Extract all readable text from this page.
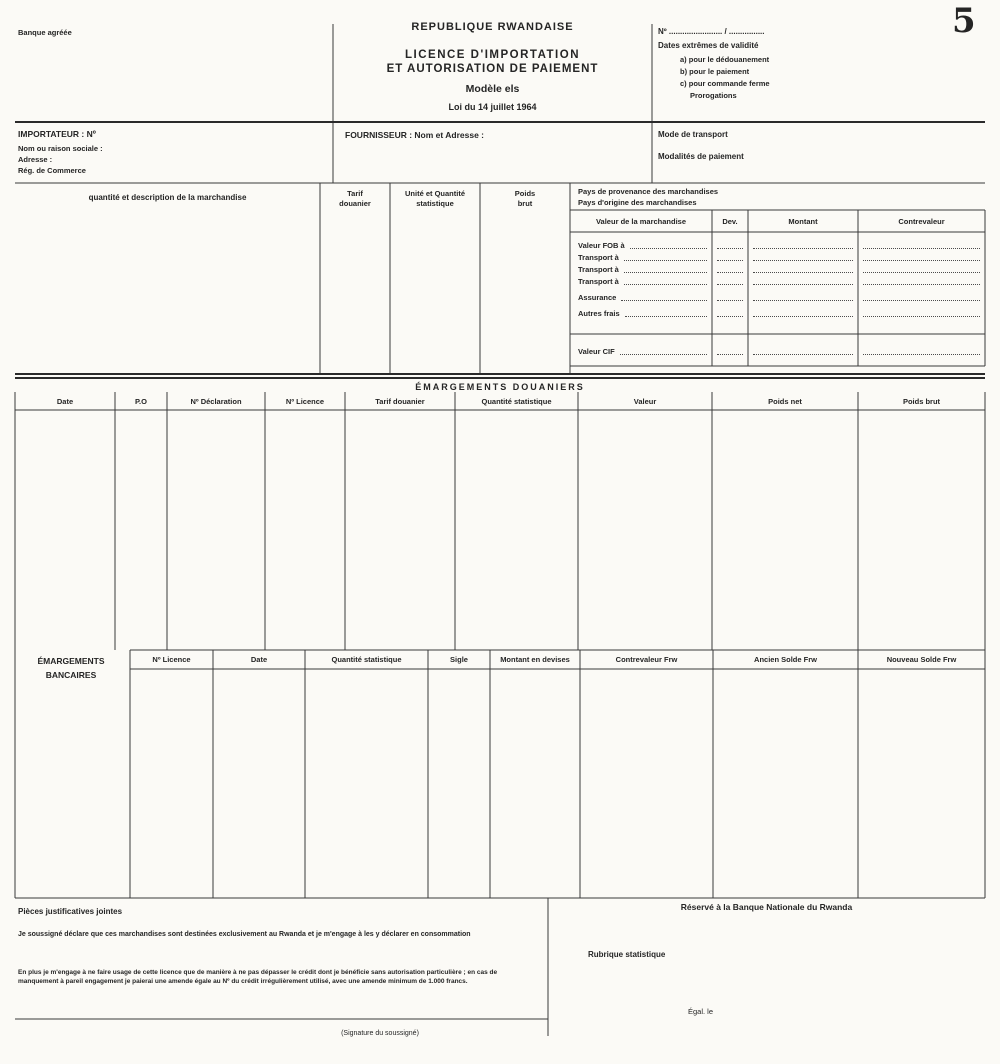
Banque agréée	5
REPUBLIQUE RWANDAISE
LICENCE D'IMPORTATION
ET AUTORISATION DE PAIEMENT
Modèle els
Loi du 14 juillet 1964
Nº ........................ / ................
Dates extrêmes de validité
a) pour le dédouanement
b) pour le paiement
c) pour commande ferme
Prorogations
IMPORTATEUR : Nº
Nom ou raison sociale :
Adresse :
Rég. de Commerce
FOURNISSEUR : Nom et Adresse :	Mode de transport
Modalités de paiement
quantité et description de la marchandise	Tarif
douanier
Unité et Quantité
statistique
Poids
brut
Pays de provenance des marchandises
Pays d'origine des marchandises
Valeur de la marchandise	Dev.	Montant	Contrevaleur
Valeur FOB à
Transport à
Transport à
Transport à
Assurance
Autres frais
Valeur CIF
ÉMARGEMENTS DOUANIERS
Date	P.O	Nº Déclaration	Nº Licence	Tarif douanier	Quantité statistique	Valeur	Poids net	Poids brut
ÉMARGEMENTS
BANCAIRES
Nº Licence	Date	Quantité statistique	Sigle	Montant en devises	Contrevaleur Frw	Ancien Solde Frw	Nouveau Solde Frw
Pièces justificatives jointes
Je soussigné déclare que ces marchandises sont destinées exclusivement au Rwanda et je m'engage à les y déclarer en consommation
En plus je m'engage à ne faire usage de cette licence que de manière à ne pas dépasser le crédit dont je bénéficie sans autorisation particulière ; en cas de manquement à pareil engagement je paierai une amende égale au Nº du crédit irrégulièrement utilisé, avec une amende minimum de 1.000 francs.
(Signature du soussigné)
Réservé à la Banque Nationale du Rwanda
Rubrique statistique
Égal. le
